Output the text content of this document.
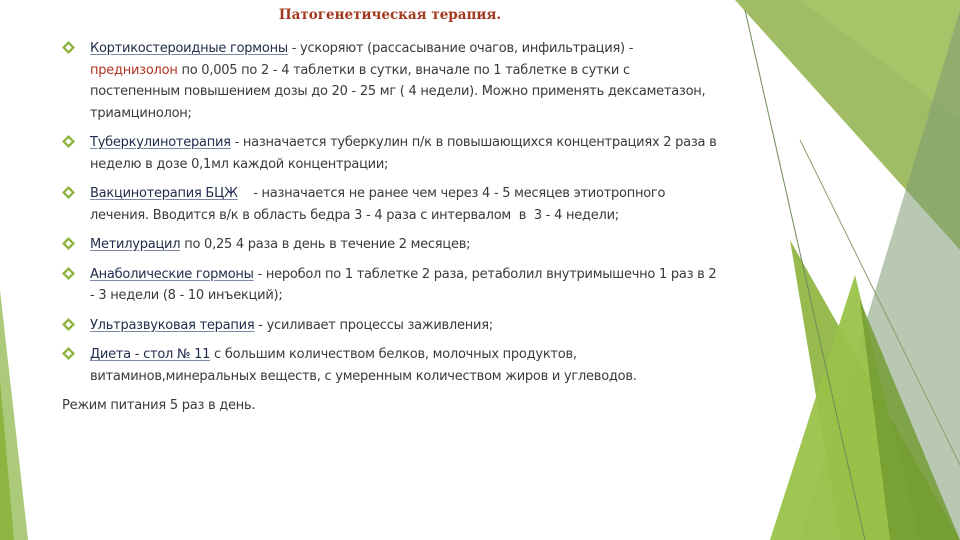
Патогенетическая терапия.
Кортикостероидные гормоны - ускоряют (рассасывание очагов, инфильтрация) - преднизолон по 0,005 по 2 - 4 таблетки в сутки, вначале по 1 таблетке в сутки с постепенным повышением дозы до 20 - 25 мг ( 4 недели). Можно применять дексаметазон, триамцинолон;
Туберкулинотерапия - назначается туберкулин п/к в повышающихся концентрациях 2 раза в неделю в дозе 0,1мл каждой концентрации;
Вакцинотерапия БЦЖ    - назначается не ранее чем через 4 - 5 месяцев этиотропного лечения. Вводится в/к в область бедра 3 - 4 раза с интервалом  в  3 - 4 недели;
Метилурацил по 0,25 4 раза в день в течение 2 месяцев;
Анаболические гормоны - неробол по 1 таблетке 2 раза, ретаболил внутримышечно 1 раз в 2 - 3 недели (8 - 10 инъекций);
Ультразвуковая терапия - усиливает процессы заживления;
Диета - стол № 11 с большим количеством белков, молочных продуктов, витаминов,минеральных веществ, с умеренным количеством жиров и углеводов.
Режим питания 5 раз в день.
